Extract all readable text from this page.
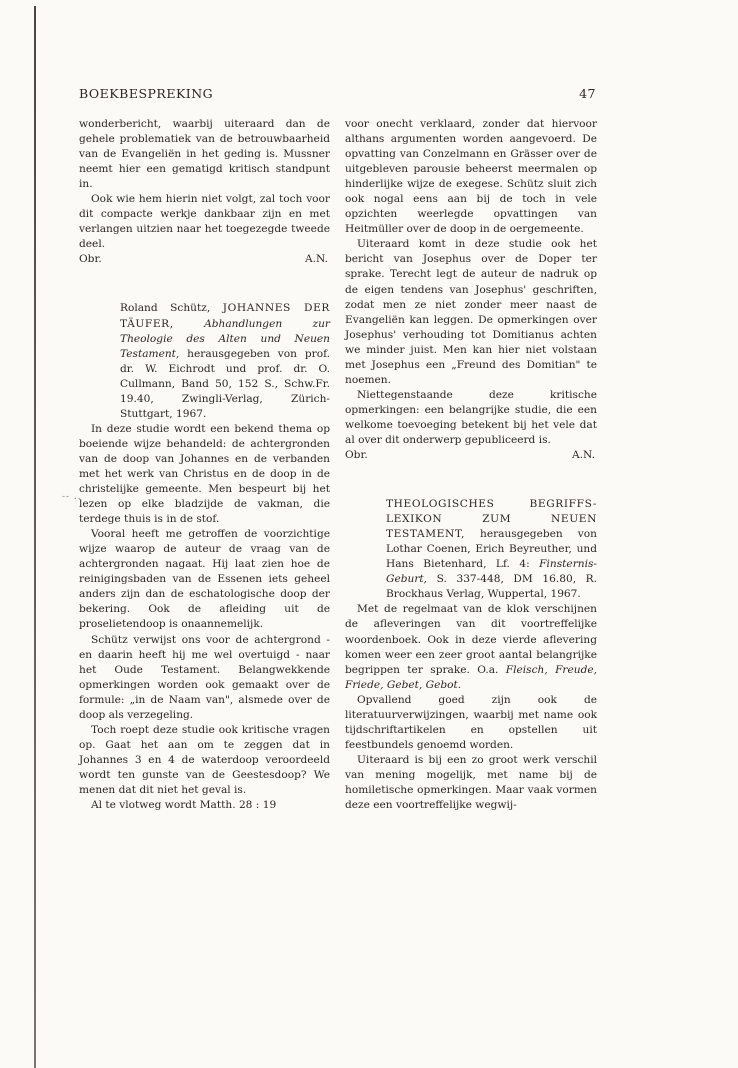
BOEKBESPREKING	47
-- ..

wonderbericht, waarbij uiteraard dan de gehele problematiek van de betrouwbaarheid van de Evangeliën in het geding is. Mussner neemt hier een gematigd kritisch standpunt in.

Ook wie hem hierin niet volgt, zal toch voor dit compacte werkje dankbaar zijn en met verlangen uitzien naar het toegezegde tweede deel.

Obr.	A.N.
Roland Schütz, JOHANNES DER TÄUFER,	Abhandlungen zur Theologie des Alten und Neuen Testament, herausgegeben von prof. dr. W. Eichrodt und prof. dr. O. Cullmann, Band 50, 152 S., Schw.Fr. 19.40, Zwingli-Verlag, Zürich-Stuttgart, 1967.

In deze studie wordt een bekend thema op boeiende wijze behandeld: de achtergronden van de doop van Johannes en de verbanden met het werk van Christus en de doop in de christelijke gemeente. Men bespeurt bij het lezen op elke bladzijde de vakman, die terdege thuis is in de stof.

Vooral heeft me getroffen de voorzichtige wijze waarop de auteur de vraag van de achtergronden nagaat. Hij laat zien hoe de reinigingsbaden van de Essenen iets geheel anders zijn dan de eschatologische doop der bekering. Ook de afleiding uit de proselietendoop is onaannemelijk.

Schütz verwijst ons voor de achtergrond - en daarin heeft hij me wel overtuigd - naar het Oude Testament. Belangwekkende opmerkingen worden ook gemaakt over de formule: „in de Naam van", alsmede over de doop als verzegeling.

Toch roept deze studie ook kritische vragen op. Gaat het aan om te zeggen dat in Johannes 3 en 4 de waterdoop veroordeeld wordt ten gunste van de Geestesdoop? We menen dat dit niet het geval is.

Al te vlotweg wordt Matth. 28 : 19

voor onecht verklaard, zonder dat hiervoor althans argumenten worden aangevoerd. De opvatting van Conzelmann en Grässer over de uitgebleven parousie beheerst meermalen op hinderlijke wijze de exegese. Schütz sluit zich ook nogal eens aan bij de toch in vele opzichten weerlegde opvattingen van Heitmüller over de doop in de oergemeente.

Uiteraard komt in deze studie ook het bericht van Josephus over de Doper ter sprake. Terecht legt de auteur de nadruk op de eigen tendens van Josephus' geschriften, zodat men ze niet zonder meer naast de Evangeliën kan leggen. De opmerkingen over Josephus' verhouding tot Domitianus achten we minder juist. Men kan hier niet volstaan met Josephus een „Freund des Domitian" te noemen.

Niettegenstaande deze kritische opmerkingen: een belangrijke studie, die een welkome toevoeging betekent bij het vele dat al over dit onderwerp gepubliceerd is.

Obr.	A.N.
THEOLOGISCHES BEGRIFFS-LEXIKON ZUM NEUEN TESTAMENT, herausgegeben von Lothar Coenen, Erich Beyreuther, und Hans Bietenhard, Lf. 4: Finsternis-Geburt, S. 337-448, DM 16.80, R. Brockhaus Verlag, Wuppertal, 1967.

Met de regelmaat van de klok verschijnen de afleveringen van dit voortreffelijke woordenboek. Ook in deze vierde aflevering komen weer een zeer groot aantal belangrijke begrippen ter sprake. O.a. Fleisch, Freude, Friede, Gebet, Gebot.

Opvallend goed zijn ook de literatuurverwijzingen, waarbij met name ook tijdschriftartikelen en opstellen uit feestbundels genoemd worden.

Uiteraard is bij een zo groot werk verschil van mening mogelijk, met name bij de homiletische opmerkingen. Maar vaak vormen deze een voortreffelijke wegwij-
